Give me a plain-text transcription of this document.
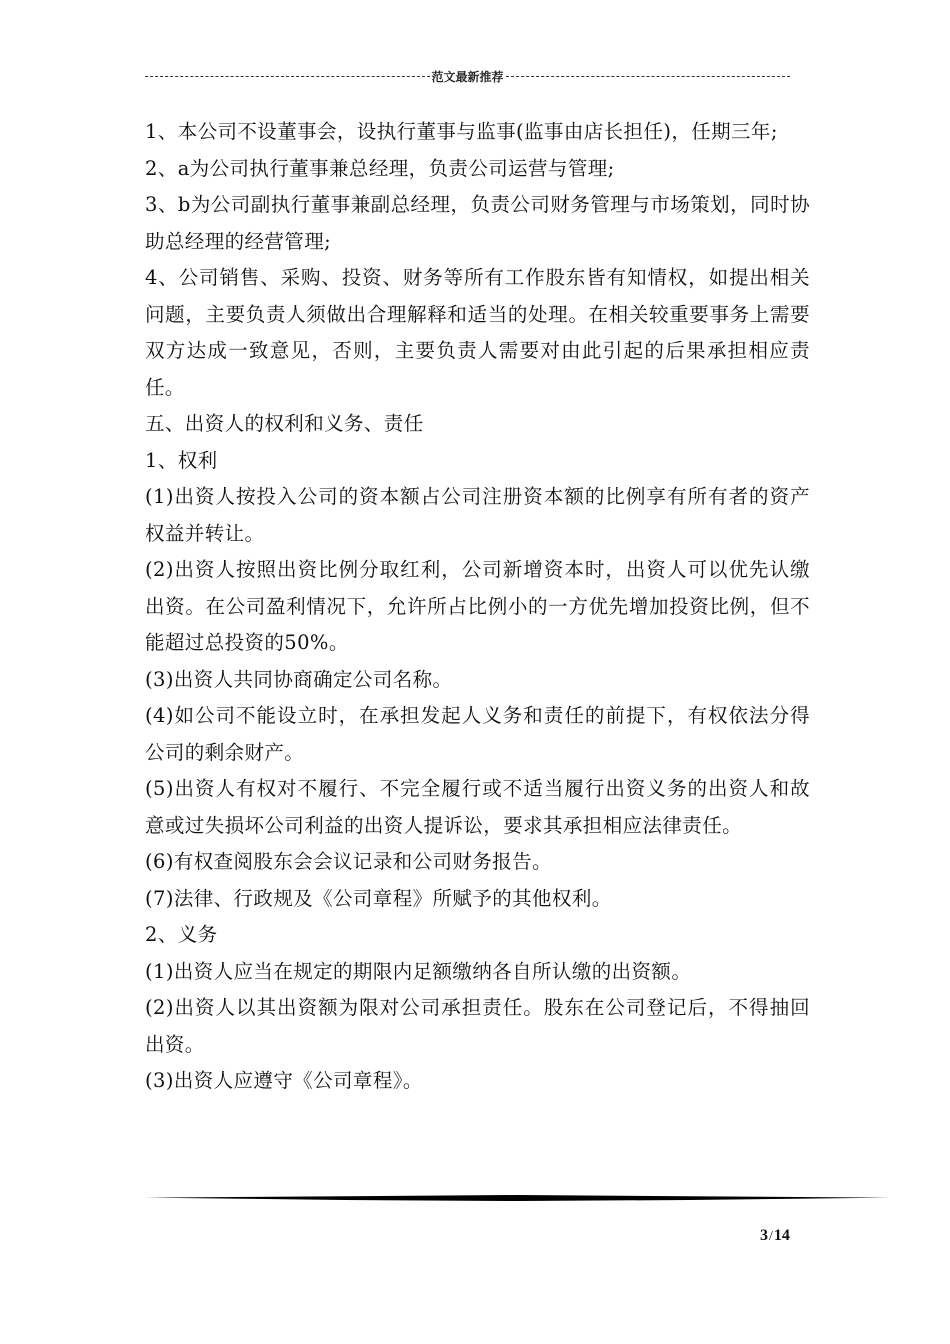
范文最新推荐

1、本公司不设董事会，设执行董事与监事(监事由店长担任)，任期三年;

2、a为公司执行董事兼总经理，负责公司运营与管理;

3、b为公司副执行董事兼副总经理，负责公司财务管理与市场策划，同时协助总经理的经营管理;

4、公司销售、采购、投资、财务等所有工作股东皆有知情权，如提出相关问题，主要负责人须做出合理解释和适当的处理。在相关较重要事务上需要双方达成一致意见，否则，主要负责人需要对由此引起的后果承担相应责任。

五、出资人的权利和义务、责任

1、权利

(1)出资人按投入公司的资本额占公司注册资本额的比例享有所有者的资产权益并转让。

(2)出资人按照出资比例分取红利，公司新增资本时，出资人可以优先认缴出资。在公司盈利情况下，允许所占比例小的一方优先增加投资比例，但不能超过总投资的50%。

(3)出资人共同协商确定公司名称。

(4)如公司不能设立时，在承担发起人义务和责任的前提下，有权依法分得公司的剩余财产。

(5)出资人有权对不履行、不完全履行或不适当履行出资义务的出资人和故意或过失损坏公司利益的出资人提诉讼，要求其承担相应法律责任。

(6)有权查阅股东会会议记录和公司财务报告。

(7)法律、行政规及《公司章程》所赋予的其他权利。

2、义务

(1)出资人应当在规定的期限内足额缴纳各自所认缴的出资额。

(2)出资人以其出资额为限对公司承担责任。股东在公司登记后，不得抽回出资。

(3)出资人应遵守《公司章程》。

3/14
